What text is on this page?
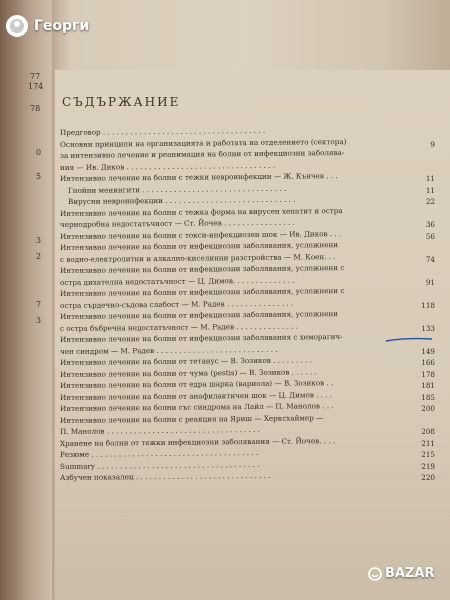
77
174
78
0
5
3
2
7
3
СЪДЪРЖАНИЕ
Предговор . . . . . . . . . . . . . . . . . . . . . . . . . . . . . . . . . . . .
Основни принципи на организацията и работата на отделението (сектора)	9
за интензивно лечение и реанимация на болни от инфекциозни заболява-
ния — Ив. Диков . . . . . . . . . . . . . . . . . . . . . . . . . . . . . . . . .
Интензивно лечение на болни с тежки невроинфекции — Ж. Кънчев . . .	11
Гнойни менингити . . . . . . . . . . . . . . . . . . . . . . . . . . . . . . . .	11
Вирусни невроинфекции . . . . . . . . . . . . . . . . . . . . . . . . . . . . .	22
Интензивно лечение на болни с тежка форма на вирусен хепатит и остра
чернодробна недостатъчност — Ст. Йочев . . . . . . . . . . . . . . . .	36
Интензивно лечение на болни с токси-инфекциозен шок — Ив. Диков . . .	56
Интензивно лечение на болни от инфекциозни заболявания, усложнени
с водно-електролитни и алкално-киселинни разстройства — М. Коен. . .	74
Интензивно лечение на болни от инфекциозни заболявания, усложнени с
остра дихателна недостатъчност — Ц. Димов. . . . . . . . . . . . . .	91
Интензивно лечение на болни от инфекциозни заболявания, усложнени с
остра сърдечно-съдова слабост — М. Радев . . . . . . . . . . . . . . .	118
Интензивно лечение на болни от инфекциозни заболявания, усложнени
с остра бъбречна недостатъчност — М. Радев . . . . . . . . . . . . . .	133
Интензивно лечение на болни от инфекциозни заболявания с хеморагич-
чен синдром — М. Радев . . . . . . . . . . . . . . . . . . . . . . . . . . .	149
Интензивно лечение на болни от тетанус — В. Зозиков . . . . . . . . .	166
Интензивно лечение на болни от чума (pestis) — В. Зозиков . . . . . .	178
Интензивно лечение на болни от едра шарка (вариола) — В. Зозиков . .	181
Интензивно лечение на болни от анафилактичен шок — Ц. Димов . . . .	185
Интензивно лечение на болни със синдрома на Лайл — П. Манолов . . .	200
Интензивно лечение на болни с реакция на Яриш — Херксхаймер —
П. Манолов . . . . . . . . . . . . . . . . . . . . . . . . . . . . . . . . . .	208
Хранене на болни от тежки инфекциозни заболявания — Ст. Йочев. . . .	211
Резюме . . . . . . . . . . . . . . . . . . . . . . . . . . . . . . . . . . . . .	215
Summary . . . . . . . . . . . . . . . . . . . . . . . . . . . . . . . . . . . .	219
Азбучен показалец . . . . . . . . . . . . . . . . . . . . . . . . . . . . . .	220
Георги
BAZAR
